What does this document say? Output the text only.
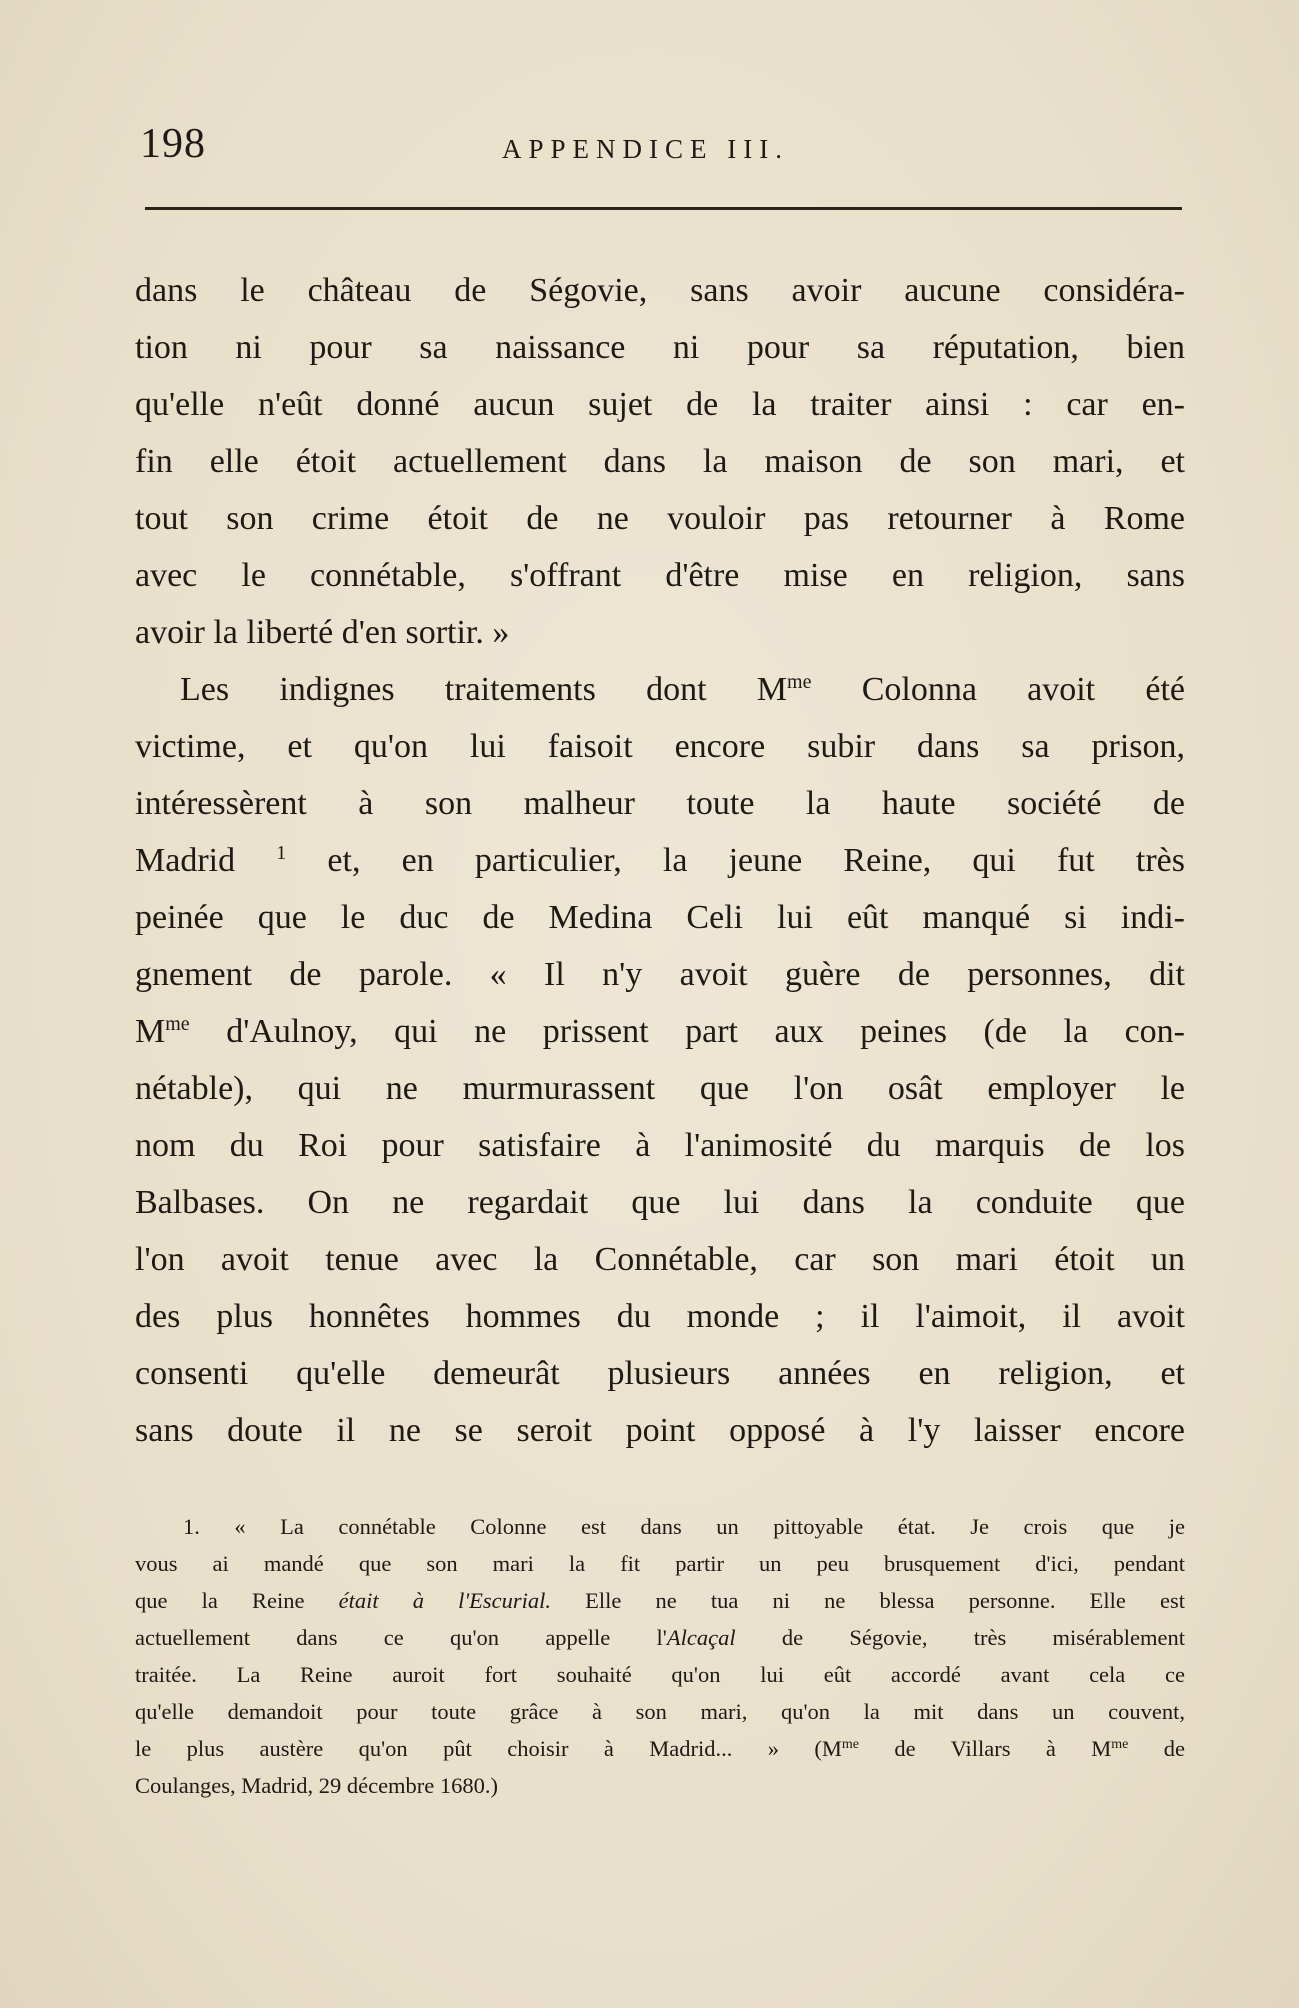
198	APPENDICE III.
dans le château de Ségovie, sans avoir aucune considéra-
tion ni pour sa naissance ni pour sa réputation, bien
qu'elle n'eût donné aucun sujet de la traiter ainsi : car en-
fin elle étoit actuellement dans la maison de son mari, et
tout son crime étoit de ne vouloir pas retourner à Rome
avec le connétable, s'offrant d'être mise en religion, sans
avoir la liberté d'en sortir. »
Les indignes traitements dont $M^{me}$ Colonna avoit été
victime, et qu'on lui faisoit encore subir dans sa prison,
intéressèrent à son malheur toute la haute société de
Madrid $^1$ et, en particulier, la jeune Reine, qui fut très
peinée que le duc de Medina Celi lui eût manqué si indi-
gnement de parole. « Il n'y avoit guère de personnes, dit
$M^{me}$ d'Aulnoy, qui ne prissent part aux peines (de la con-
nétable), qui ne murmurassent que l'on osât employer le
nom du Roi pour satisfaire à l'animosité du marquis de los
Balbases. On ne regardait que lui dans la conduite que
l'on avoit tenue avec la Connétable, car son mari étoit un
des plus honnêtes hommes du monde ; il l'aimoit, il avoit
consenti qu'elle demeurât plusieurs années en religion, et
sans doute il ne se seroit point opposé à l'y laisser encore
1. « La connétable Colonne est dans un pittoyable état. Je crois que je
vous ai mandé que son mari la fit partir un peu brusquement d'ici, pendant
que la Reine était à l'Escurial. Elle ne tua ni ne blessa personne. Elle est
actuellement dans ce qu'on appelle l'Alcaçal de Ségovie, très misérablement
traitée. La Reine auroit fort souhaité qu'on lui eût accordé avant cela ce
qu'elle demandoit pour toute grâce à son mari, qu'on la mit dans un couvent,
le plus austère qu'on pût choisir à Madrid... » ($M^{me}$ de Villars à $M^{me}$ de
Coulanges, Madrid, 29 décembre 1680.)
